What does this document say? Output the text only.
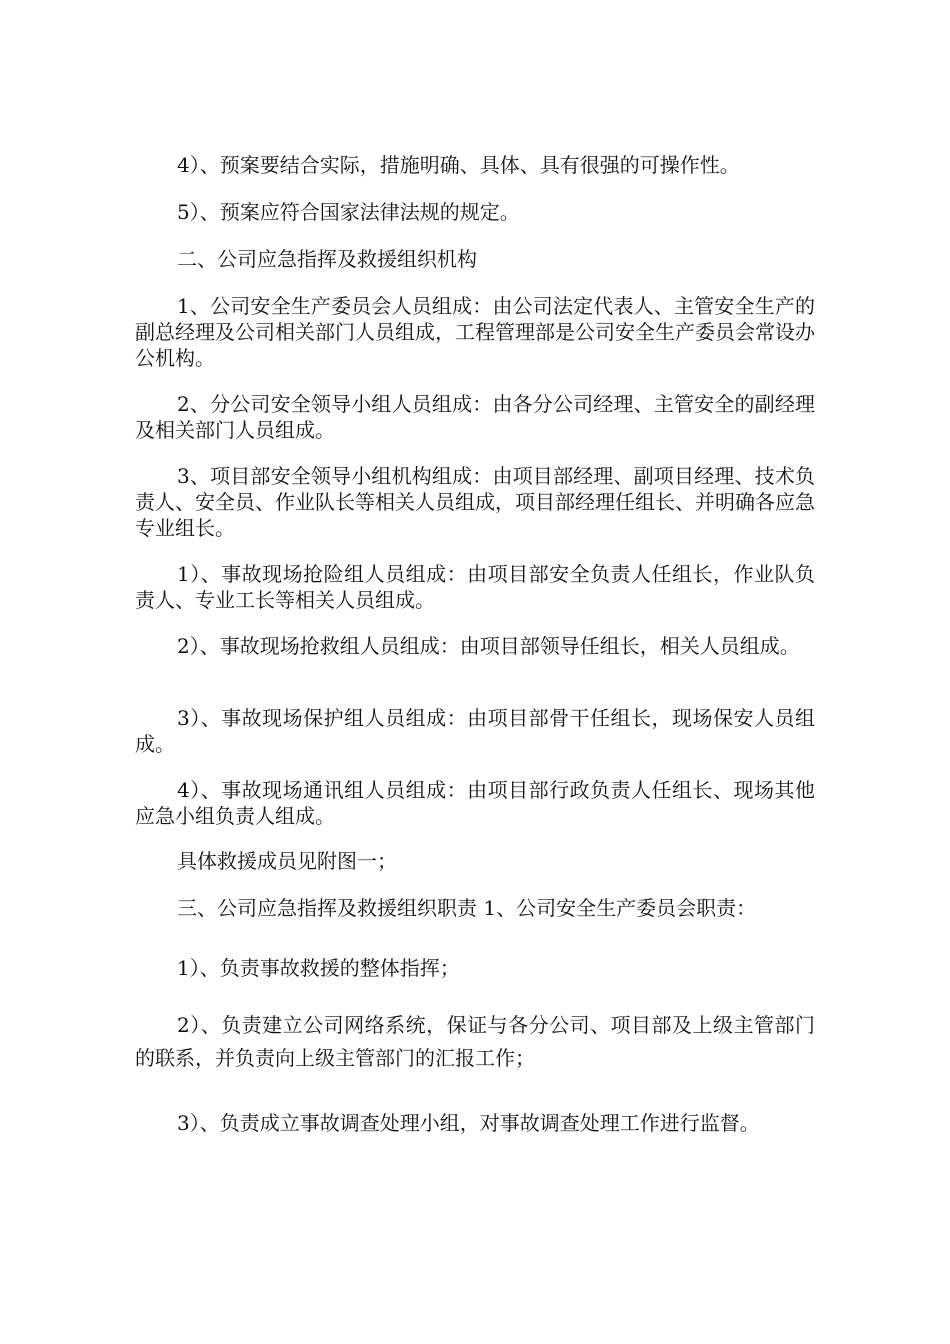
4）、预案要结合实际，措施明确、具体、具有很强的可操作性。

5）、预案应符合国家法律法规的规定。

二、公司应急指挥及救援组织机构

1、公司安全生产委员会人员组成：由公司法定代表人、主管安全生产的副总经理及公司相关部门人员组成，工程管理部是公司安全生产委员会常设办公机构。

2、分公司安全领导小组人员组成：由各分公司经理、主管安全的副经理及相关部门人员组成。

3、项目部安全领导小组机构组成：由项目部经理、副项目经理、技术负责人、安全员、作业队长等相关人员组成，项目部经理任组长、并明确各应急专业组长。

1）、事故现场抢险组人员组成：由项目部安全负责人任组长，作业队负责人、专业工长等相关人员组成。

2）、事故现场抢救组人员组成：由项目部领导任组长，相关人员组成。

3）、事故现场保护组人员组成：由项目部骨干任组长，现场保安人员组成。

4）、事故现场通讯组人员组成：由项目部行政负责人任组长、现场其他应急小组负责人组成。

具体救援成员见附图一；

三、公司应急指挥及救援组织职责 1、公司安全生产委员会职责：

1）、负责事故救援的整体指挥；

2）、负责建立公司网络系统，保证与各分公司、项目部及上级主管部门的联系，并负责向上级主管部门的汇报工作；

3）、负责成立事故调查处理小组，对事故调查处理工作进行监督。
